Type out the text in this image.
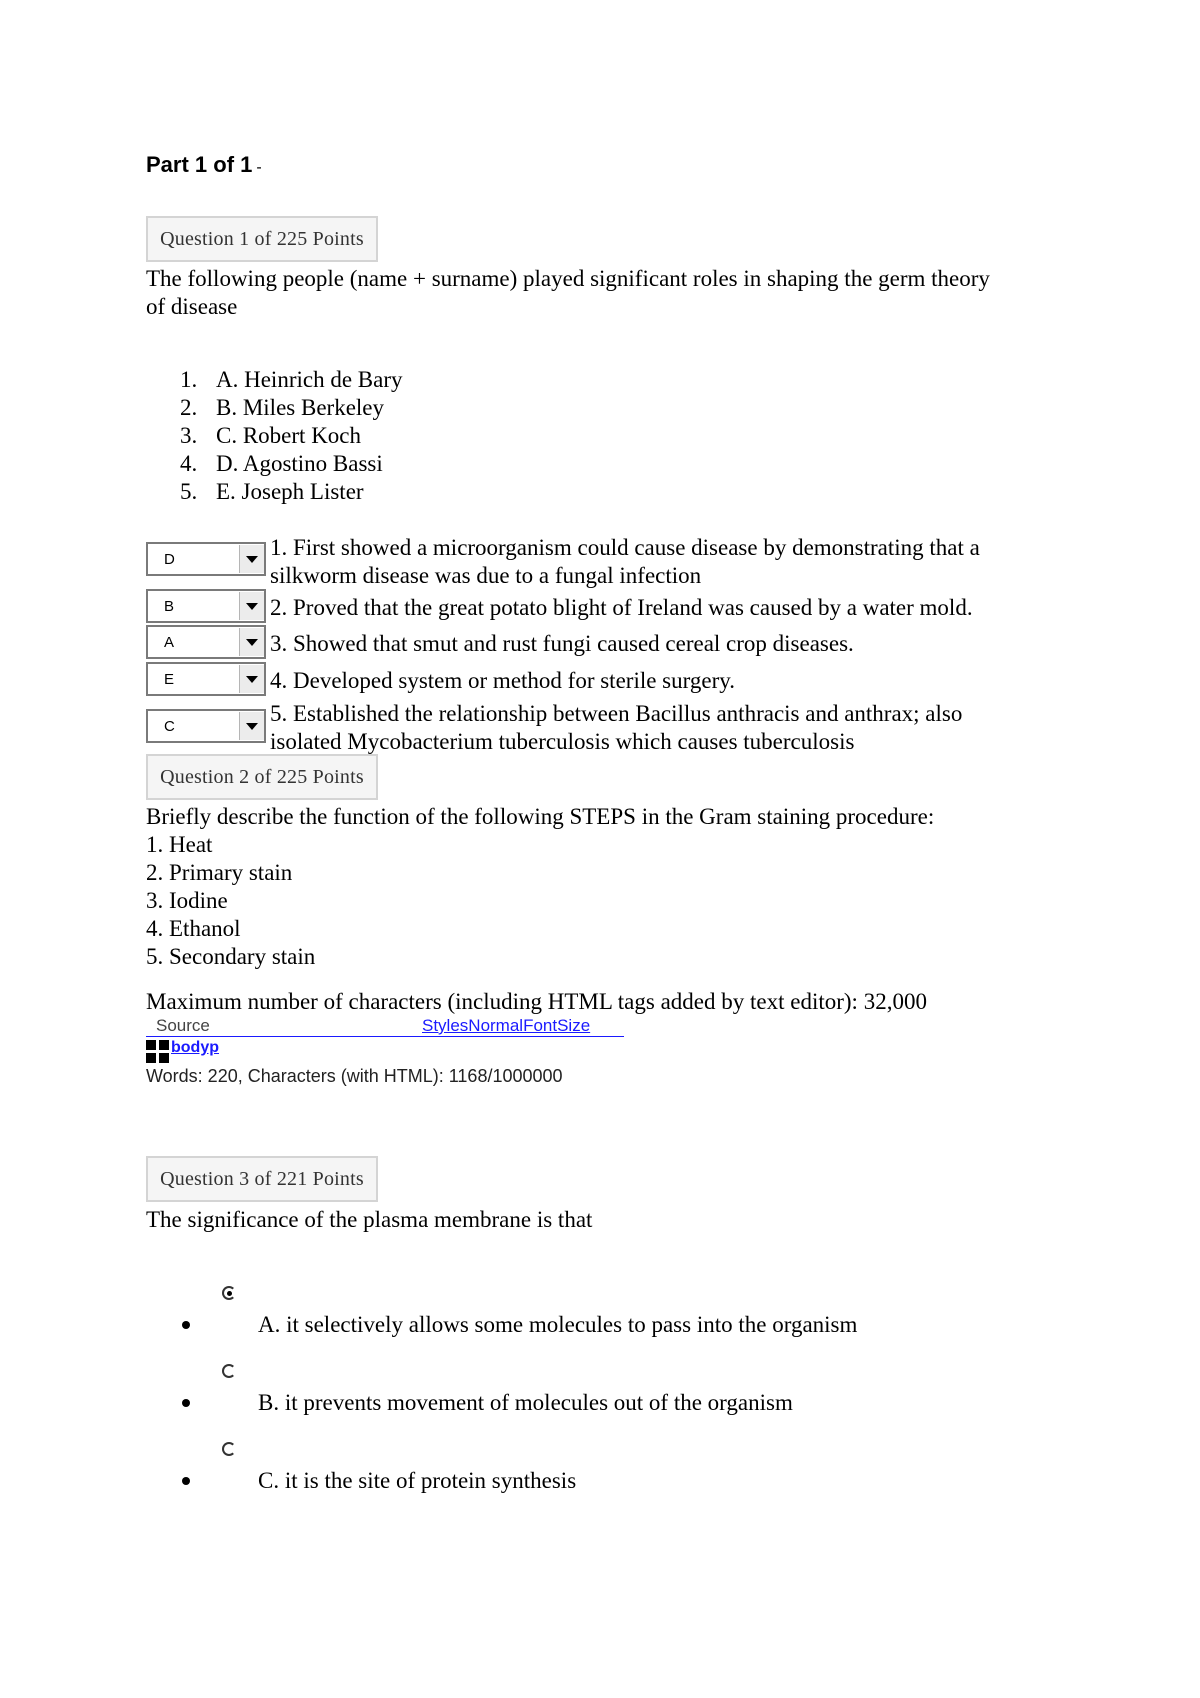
Part 1 of 1 -
Question 1 of 225 Points
The following people (name + surname) played significant roles in shaping the germ theory
of disease
1. A. Heinrich de Bary
2. B. Miles Berkeley
3. C. Robert Koch
4. D. Agostino Bassi
5. E. Joseph Lister
D	1. First showed a microorganism could cause disease by demonstrating that a
silkworm disease was due to a fungal infection
B	2. Proved that the great potato blight of Ireland was caused by a water mold.
A	3. Showed that smut and rust fungi caused cereal crop diseases.
E	4. Developed system or method for sterile surgery.
C	5. Established the relationship between Bacillus anthracis and anthrax; also
isolated Mycobacterium tuberculosis which causes tuberculosis
Question 2 of 225 Points
Briefly describe the function of the following STEPS in the Gram staining procedure:
1. Heat
2. Primary stain
3. Iodine
4. Ethanol
5. Secondary stain
Maximum number of characters (including HTML tags added by text editor): 32,000
Source	StylesNormalFontSize
bodyp
Words: 220, Characters (with HTML): 1168/1000000
Question 3 of 221 Points
The significance of the plasma membrane is that
A. it selectively allows some molecules to pass into the organism
B. it prevents movement of molecules out of the organism
C. it is the site of protein synthesis
